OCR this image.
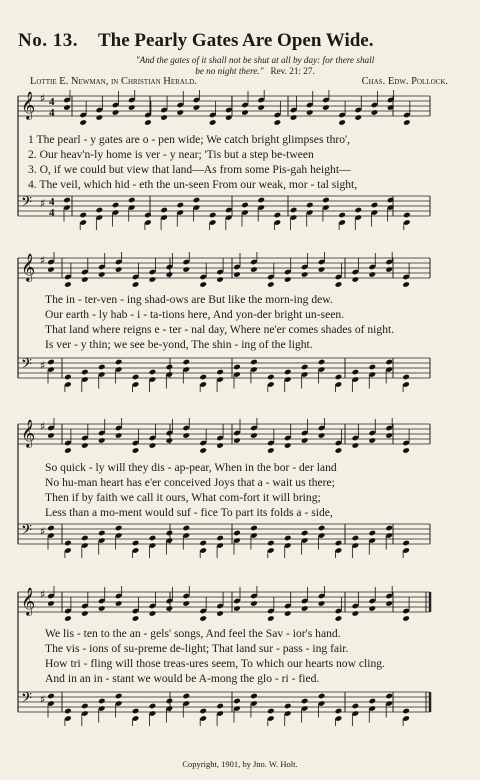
No. 13. The Pearly Gates Are Open Wide.
"And the gates of it shall not be shut at all by day: for there shall
be no night there." Rev. 21: 27.
Lottie E. Newman, in Christian Herald.	Chas. Edw. Pollock.
𝄞 ♯ 4
4
𝄢 ♯ 4
4
1 The pearl - y gates are o - pen wide; We catch bright glimpses thro',
2. Our heav'n-ly home is ver - y near; 'Tis but a step be-tween
3. O, if we could but view that land—As from some Pis-gah height—
4. The veil, which hid - eth the un-seen From our weak, mor - tal sight,
𝄞 ♯
𝄢 ♯
The in - ter-ven - ing shad-ows are But like the morn-ing dew.
Our earth - ly hab - i - ta-tions here, And yon-der bright un-seen.
That land where reigns e - ter - nal day, Where ne'er comes shades of night.
Is ver - y thin; we see be-yond, The shin - ing of the light.
𝄞 ♯
𝄢 ♯
So quick - ly will they dis - ap-pear, When in the bor - der land
No hu-man heart has e'er conceived Joys that a - wait us there;
Then if by faith we call it ours, What com-fort it will bring;
Less than a mo-ment would suf - fice To part its folds a - side,
𝄞 ♯
𝄢 ♯
We lis - ten to the an - gels' songs, And feel the Sav - ior's hand.
The vis - ions of su-preme de-light; That land sur - pass - ing fair.
How tri - fling will those treas-ures seem, To which our hearts now cling.
And in an in - stant we would be A-mong the glo - ri - fied.
Copyright, 1901, by Jno. W. Holt.
